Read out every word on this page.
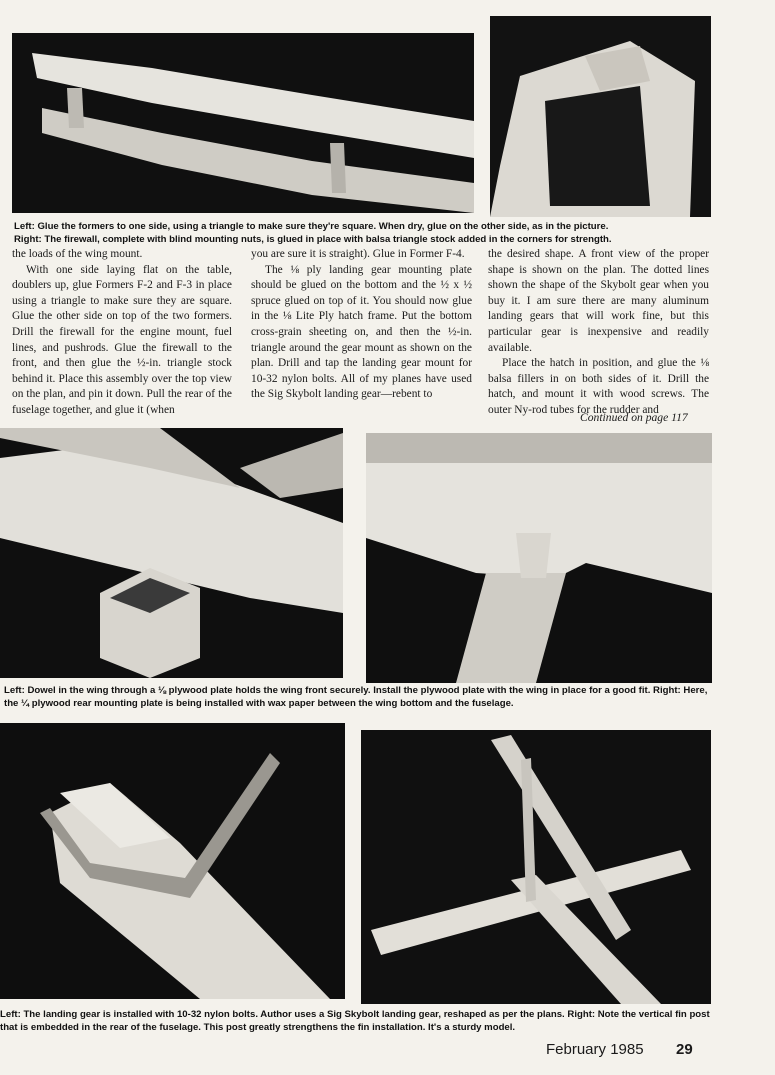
Left: Glue the formers to one side, using a triangle to make sure they're square. When dry, glue on the other side, as in the picture.
Right: The firewall, complete with blind mounting nuts, is glued in place with balsa triangle stock added in the corners for strength.

the loads of the wing mount.

With one side laying flat on the table, doublers up, glue Formers F-2 and F-3 in place using a triangle to make sure they are square. Glue the other side on top of the two formers. Drill the firewall for the engine mount, fuel lines, and pushrods. Glue the firewall to the front, and then glue the ½-in. triangle stock behind it. Place this assembly over the top view on the plan, and pin it down. Pull the rear of the fuselage together, and glue it (when

you are sure it is straight). Glue in Former F-4.

The ⅛ ply landing gear mounting plate should be glued on the bottom and the ½ x ½ spruce glued on top of it. You should now glue in the ⅛ Lite Ply hatch frame. Put the bottom cross-grain sheeting on, and then the ½-in. triangle around the gear mount as shown on the plan. Drill and tap the landing gear mount for 10-32 nylon bolts. All of my planes have used the Sig Skybolt landing gear—rebent to

the desired shape. A front view of the proper shape is shown on the plan. The dotted lines shown the shape of the Skybolt gear when you buy it. I am sure there are many aluminum landing gears that will work fine, but this particular gear is inexpensive and readily available.

Place the hatch in position, and glue the ⅛ balsa fillers in on both sides of it. Drill the hatch, and mount it with wood screws. The outer Ny-rod tubes for the rudder and

Continued on page 117
Left: Dowel in the wing through a ⅛ plywood plate holds the wing front securely. Install the plywood plate with the wing in place for a good fit. Right: Here, the ¼ plywood rear mounting plate is being installed with wax paper between the wing bottom and the fuselage.
Left: The landing gear is installed with 10-32 nylon bolts. Author uses a Sig Skybolt landing gear, reshaped as per the plans. Right: Note the vertical fin post that is embedded in the rear of the fuselage. This post greatly strengthens the fin installation. It's a sturdy model.
February 1985 29
